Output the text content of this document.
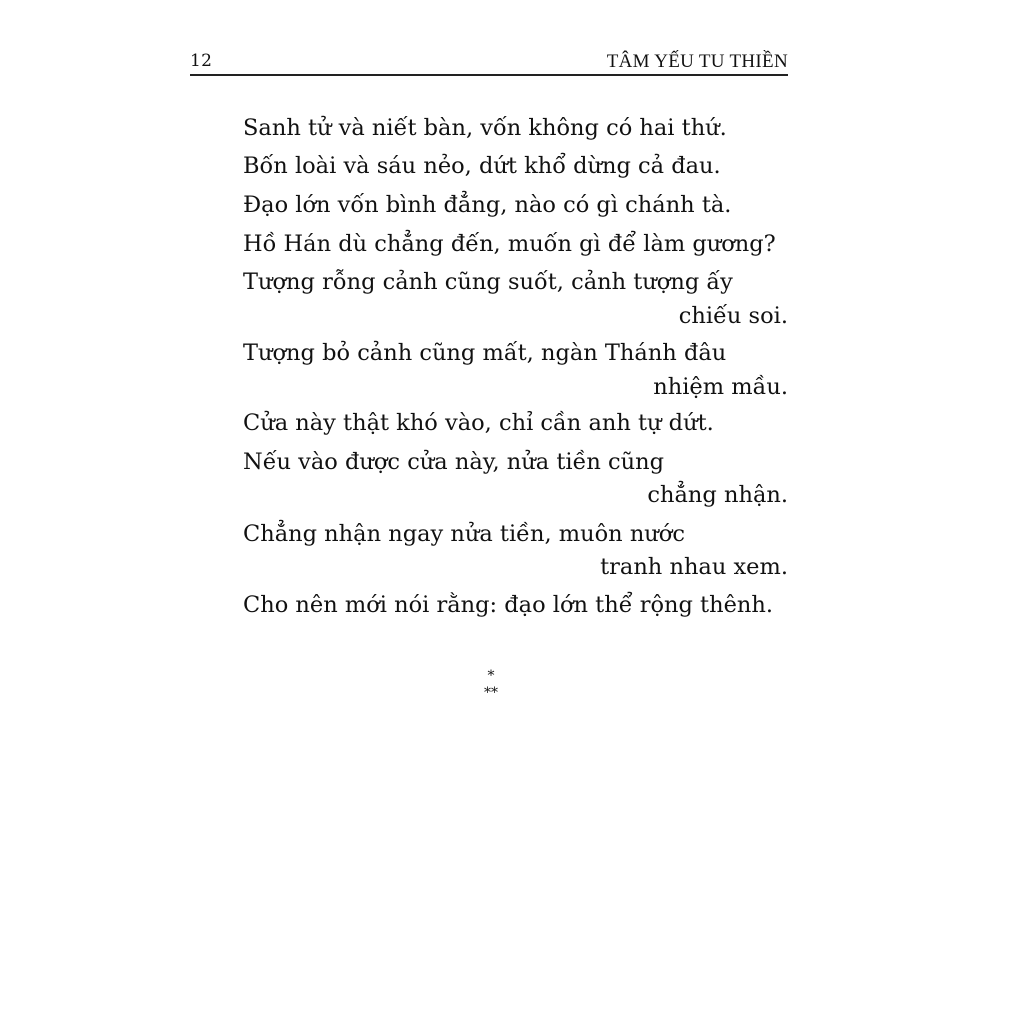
12	TÂM YẾU TU THIỀN
Sanh tử và niết bàn, vốn không có hai thứ.
Bốn loài và sáu nẻo, dứt khổ dừng cả đau.
Đạo lớn vốn bình đẳng, nào có gì chánh tà.
Hồ Hán dù chẳng đến, muốn gì để làm gương?
Tượng rỗng cảnh cũng suốt, cảnh tượng ấy
chiếu soi.
Tượng bỏ cảnh cũng mất, ngàn Thánh đâu
nhiệm mầu.
Cửa này thật khó vào, chỉ cần anh tự dứt.
Nếu vào được cửa này, nửa tiền cũng
chẳng nhận.
Chẳng nhận ngay nửa tiền, muôn nước
tranh nhau xem.
Cho nên mới nói rằng: đạo lớn thể rộng thênh.
*
**
